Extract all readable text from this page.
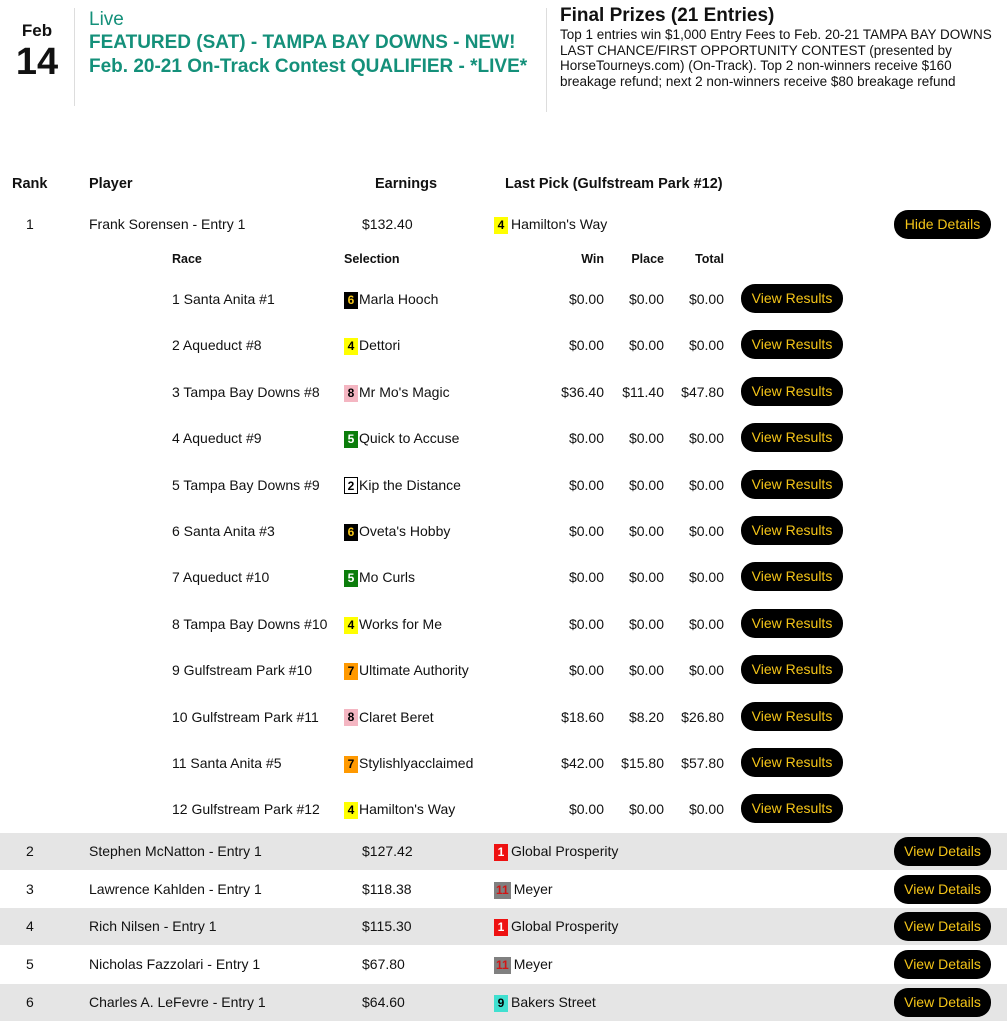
Feb
14
Live
FEATURED (SAT) - TAMPA BAY DOWNS - NEW! Feb. 20-21 On-Track Contest QUALIFIER - *LIVE*
Final Prizes (21 Entries)
Top 1 entries win $1,000 Entry Fees to Feb. 20-21 TAMPA BAY DOWNS LAST CHANCE/FIRST OPPORTUNITY CONTEST (presented by HorseTourneys.com) (On-Track). Top 2 non-winners receive $160 breakage refund; next 2 non-winners receive $80 breakage refund
Rank	Player	Earnings	Last Pick (Gulfstream Park #12)
1	Frank Sorensen - Entry 1	$132.40	4 Hamilton's Way	Hide Details
2	Stephen McNatton - Entry 1	$127.42	1 Global Prosperity	View Details
3	Lawrence Kahlden - Entry 1	$118.38	11 Meyer	View Details
4	Rich Nilsen - Entry 1	$115.30	1 Global Prosperity	View Details
5	Nicholas Fazzolari - Entry 1	$67.80	11 Meyer	View Details
6	Charles A. LeFevre - Entry 1	$64.60	9 Bakers Street	View Details
Race	Selection	Win	Place	Total
1 Santa Anita #1	6 Marla Hooch	$0.00	$0.00	$0.00	View Results
2 Aqueduct #8	4 Dettori	$0.00	$0.00	$0.00	View Results
3 Tampa Bay Downs #8	8 Mr Mo's Magic	$36.40	$11.40	$47.80	View Results
4 Aqueduct #9	5 Quick to Accuse	$0.00	$0.00	$0.00	View Results
5 Tampa Bay Downs #9	2 Kip the Distance	$0.00	$0.00	$0.00	View Results
6 Santa Anita #3	6 Oveta's Hobby	$0.00	$0.00	$0.00	View Results
7 Aqueduct #10	5 Mo Curls	$0.00	$0.00	$0.00	View Results
8 Tampa Bay Downs #10	4 Works for Me	$0.00	$0.00	$0.00	View Results
9 Gulfstream Park #10	7 Ultimate Authority	$0.00	$0.00	$0.00	View Results
10 Gulfstream Park #11	8 Claret Beret	$18.60	$8.20	$26.80	View Results
11 Santa Anita #5	7 Stylishlyacclaimed	$42.00	$15.80	$57.80	View Results
12 Gulfstream Park #12	4 Hamilton's Way	$0.00	$0.00	$0.00	View Results
